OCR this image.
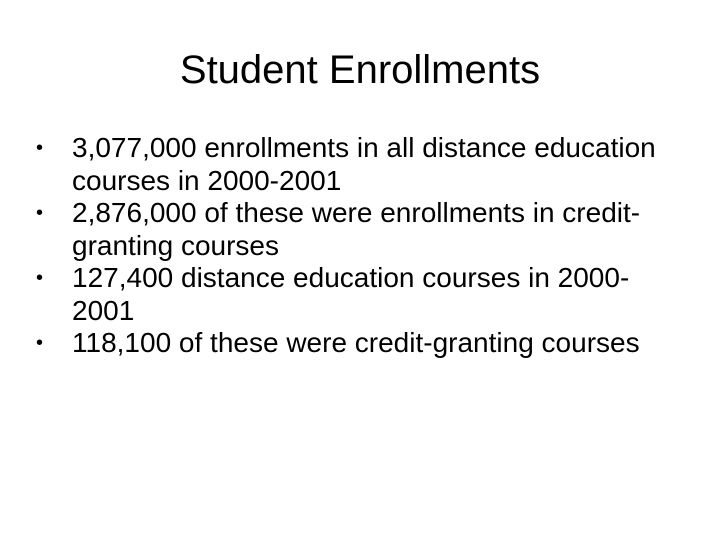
Student Enrollments
•	3,077,000 enrollments in all distance education courses in 2000-2001
•	2,876,000 of these were enrollments in credit-granting courses
•	127,400 distance education courses in 2000-2001
•	118,100 of these were credit-granting courses
